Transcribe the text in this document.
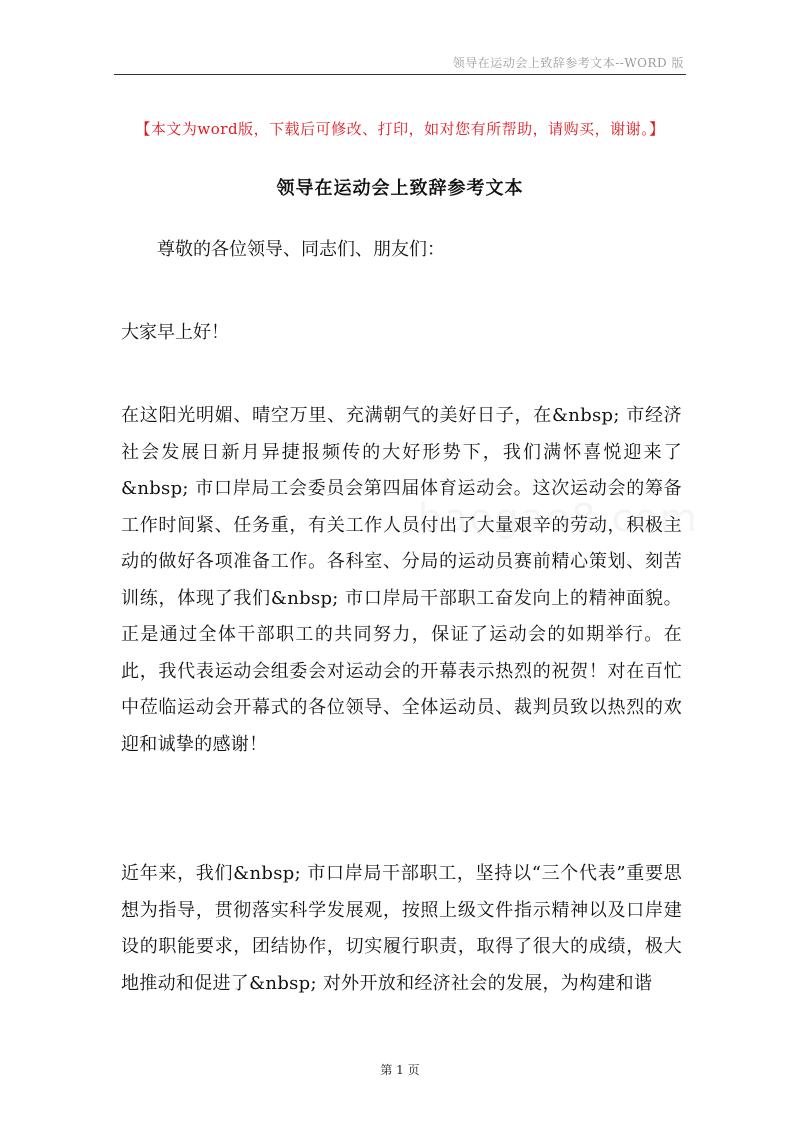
领导在运动会上致辞参考文本--WORD 版
【本文为word版，下载后可修改、打印，如对您有所帮助，请购买，谢谢。】
领导在运动会上致辞参考文本

尊敬的各位领导、同志们、朋友们：

大家早上好！

在这阳光明媚、晴空万里、充满朝气的美好日子，在&nbsp; 市经济社会发展日新月异捷报频传的大好形势下，我们满怀喜悦迎来了&nbsp; 市口岸局工会委员会第四届体育运动会。这次运动会的筹备工作时间紧、任务重，有关工作人员付出了大量艰辛的劳动，积极主动的做好各项准备工作。各科室、分局的运动员赛前精心策划、刻苦训练，体现了我们&nbsp; 市口岸局干部职工奋发向上的精神面貌。正是通过全体干部职工的共同努力，保证了运动会的如期举行。在此，我代表运动会组委会对运动会的开幕表示热烈的祝贺！对在百忙中莅临运动会开幕式的各位领导、全体运动员、裁判员致以热烈的欢迎和诚挚的感谢！

近年来，我们&nbsp; 市口岸局干部职工，坚持以“三个代表”重要思想为指导，贯彻落实科学发展观，按照上级文件指示精神以及口岸建设的职能要求，团结协作，切实履行职责，取得了很大的成绩，极大地推动和促进了&nbsp; 对外开放和经济社会的发展，为构建和谐

第 1 页
